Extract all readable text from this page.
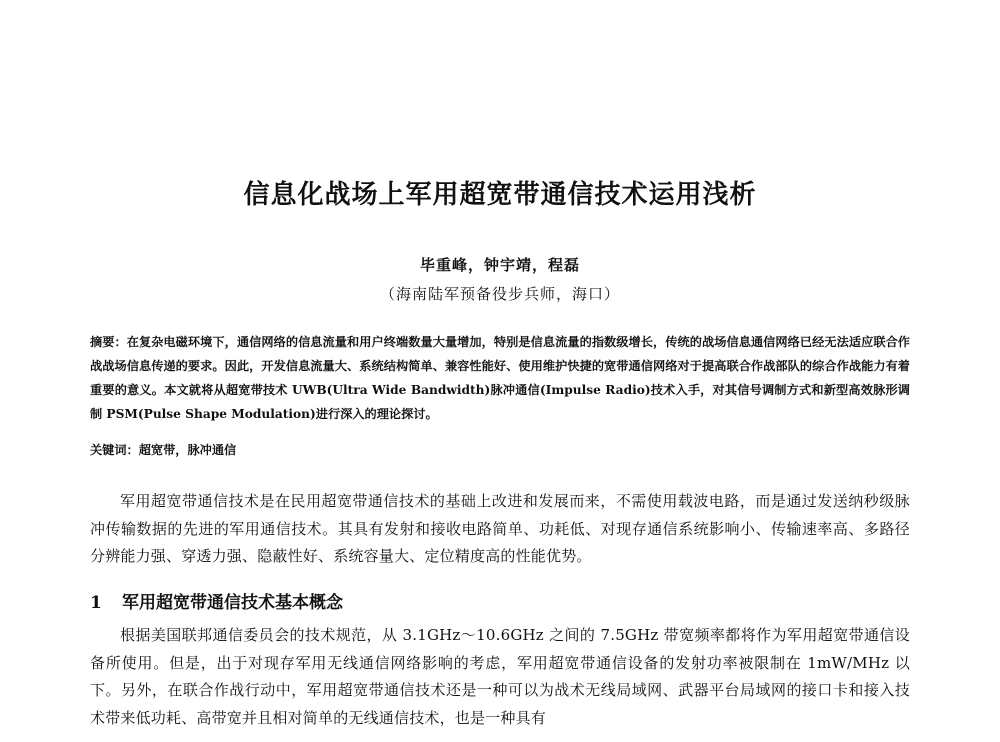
信息化战场上军用超宽带通信技术运用浅析
毕重峰，钟宇靖，程磊
（海南陆军预备役步兵师，海口）
摘要：在复杂电磁环境下，通信网络的信息流量和用户终端数量大量增加，特别是信息流量的指数级增长，传统的战场信息通信网络已经无法适应联合作战战场信息传递的要求。因此，开发信息流量大、系统结构简单、兼容性能好、使用维护快捷的宽带通信网络对于提高联合作战部队的综合作战能力有着重要的意义。本文就将从超宽带技术 UWB(Ultra Wide Bandwidth)脉冲通信(Impulse Radio)技术入手，对其信号调制方式和新型高效脉形调制 PSM(Pulse Shape Modulation)进行深入的理论探讨。
关键词：超宽带，脉冲通信
军用超宽带通信技术是在民用超宽带通信技术的基础上改进和发展而来，不需使用载波电路，而是通过发送纳秒级脉冲传输数据的先进的军用通信技术。其具有发射和接收电路简单、功耗低、对现存通信系统影响小、传输速率高、多路径分辨能力强、穿透力强、隐蔽性好、系统容量大、定位精度高的性能优势。
1 军用超宽带通信技术基本概念
根据美国联邦通信委员会的技术规范，从 3.1GHz～10.6GHz 之间的 7.5GHz 带宽频率都将作为军用超宽带通信设备所使用。但是，出于对现存军用无线通信网络影响的考虑，军用超宽带通信设备的发射功率被限制在 1mW/MHz 以下。另外，在联合作战行动中，军用超宽带通信技术还是一种可以为战术无线局域网、武器平台局域网的接口卡和接入技术带来低功耗、高带宽并且相对简单的无线通信技术，也是一种具有
